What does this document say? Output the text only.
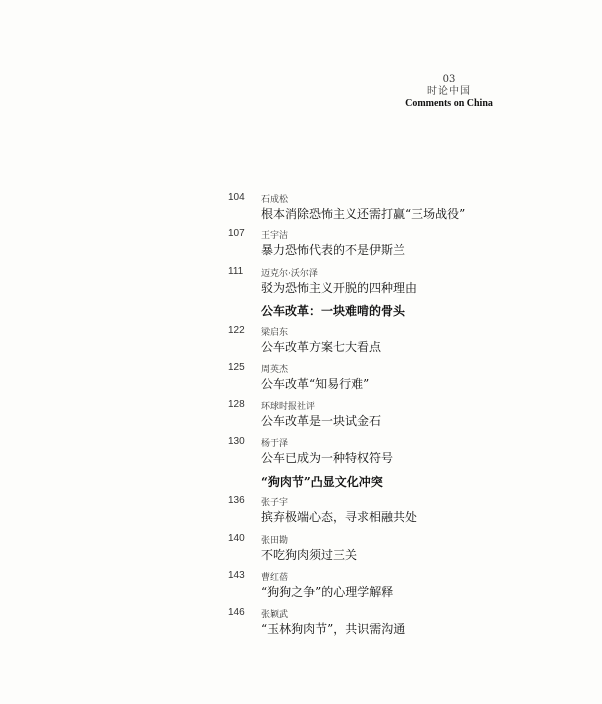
03
时论中国
Comments on China
104 石成松
根本消除恐怖主义还需打赢“三场战役”
107 王宇洁
暴力恐怖代表的不是伊斯兰
111 迈克尔·沃尔泽
驳为恐怖主义开脱的四种理由
公车改革：一块难啃的骨头
122 梁启东
公车改革方案七大看点
125 周英杰
公车改革“知易行难”
128 环球时报社评
公车改革是一块试金石
130 杨于泽
公车已成为一种特权符号
“狗肉节”凸显文化冲突
136 张子宇
摈弃极端心态，寻求相融共处
140 张田勘
不吃狗肉须过三关
143 曹红蓓
“狗狗之争”的心理学解释
146 张颖武
“玉林狗肉节”，共识需沟通
